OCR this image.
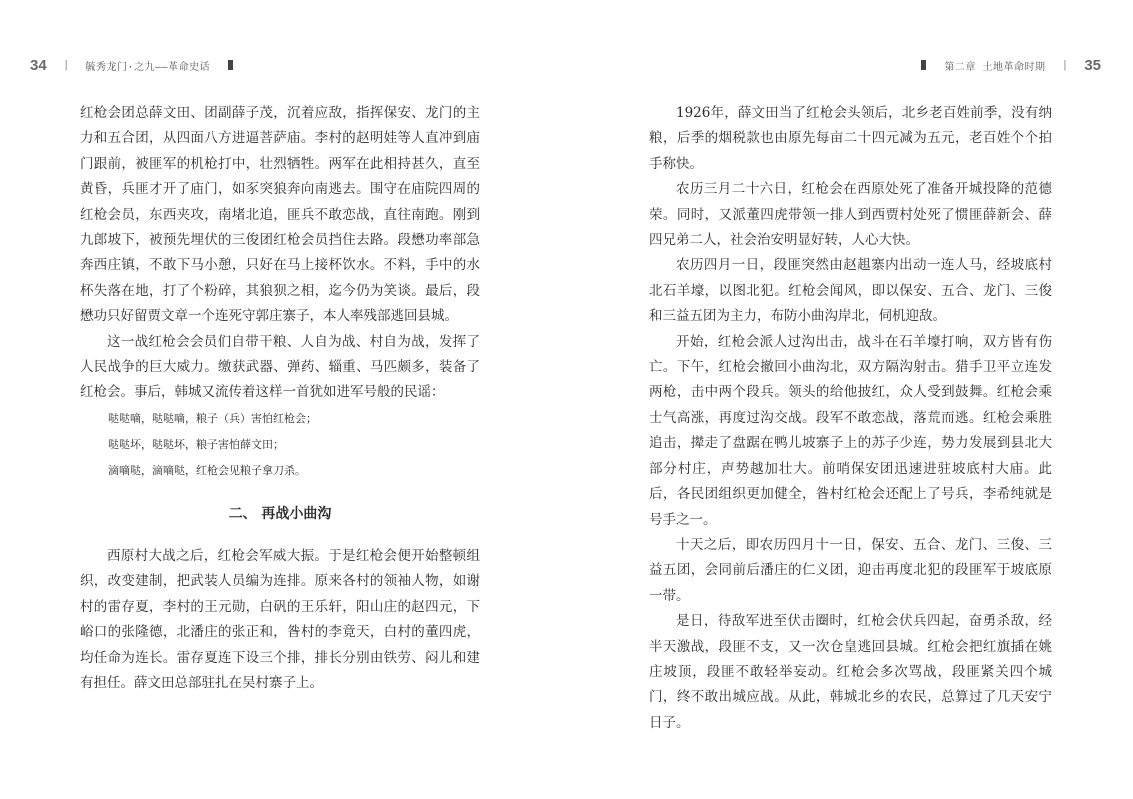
34 | 毓秀龙门·之九——革命史话

红枪会团总薛文田、团副薛子茂，沉着应敌，指挥保安、龙门的主力和五合团，从四面八方进逼菩萨庙。李村的赵明娃等人直冲到庙门跟前，被匪军的机枪打中，壮烈牺牲。两军在此相持甚久，直至黄昏，兵匪才开了庙门，如豕突狼奔向南逃去。围守在庙院四周的红枪会员，东西夹攻，南堵北追，匪兵不敢恋战，直往南跑。刚到九郎坡下，被预先埋伏的三俊团红枪会员挡住去路。段懋功率部急奔西庄镇，不敢下马小憩，只好在马上接杯饮水。不料，手中的水杯失落在地，打了个粉碎，其狼狈之相，迄今仍为笑谈。最后，段懋功只好留贾文章一个连死守郭庄寨子，本人率残部逃回县城。

这一战红枪会会员们自带干粮、人自为战、村自为战，发挥了人民战争的巨大威力。缴获武器、弹药、辎重、马匹颇多，装备了红枪会。事后，韩城又流传着这样一首犹如进军号般的民谣：

哒哒嘀，哒哒嘀，粮子（兵）害怕红枪会；

哒哒坏，哒哒坏，粮子害怕薛文田；

滴嘀哒，滴嘀哒，红枪会见粮子拿刀杀。

二、 再战小曲沟

西原村大战之后，红枪会军威大振。于是红枪会便开始整顿组织，改变建制，把武装人员编为连排。原来各村的领袖人物，如谢村的雷存夏，李村的王元勋，白矾的王乐轩，阳山庄的赵四元，下峪口的张隆德，北潘庄的张正和，昝村的李竟天，白村的董四虎，均任命为连长。雷存夏连下设三个排，排长分别由铁劳、闷儿和建有担任。薛文田总部驻扎在吴村寨子上。

第二章 土地革命时期 | 35

1926年，薛文田当了红枪会头领后，北乡老百姓前季，没有纳粮，后季的烟税款也由原先每亩二十四元减为五元，老百姓个个拍手称快。

农历三月二十六日，红枪会在西原处死了准备开城投降的范德荣。同时，又派董四虎带领一排人到西贾村处死了惯匪薛新会、薛四兄弟二人，社会治安明显好转，人心大快。

农历四月一日，段匪突然由赵趄寨内出动一连人马，经坡底村北石羊壕，以图北犯。红枪会闻风，即以保安、五合、龙门、三俊和三益五团为主力，布防小曲沟岸北，伺机迎敌。

开始，红枪会派人过沟出击，战斗在石羊壕打响，双方皆有伤亡。下午，红枪会撤回小曲沟北，双方隔沟射击。猎手卫平立连发两枪，击中两个段兵。领头的给他披红，众人受到鼓舞。红枪会乘士气高涨，再度过沟交战。段军不敢恋战，落荒而逃。红枪会乘胜追击，撵走了盘踞在鸭儿坡寨子上的苏子少连，势力发展到县北大部分村庄，声势越加壮大。前哨保安团迅速进驻坡底村大庙。此后，各民团组织更加健全，昝村红枪会还配上了号兵，李希纯就是号手之一。

十天之后，即农历四月十一日，保安、五合、龙门、三俊、三益五团，会同前后潘庄的仁义团，迎击再度北犯的段匪军于坡底原一带。

是日，待敌军进至伏击圈时，红枪会伏兵四起，奋勇杀敌，经半天激战，段匪不支，又一次仓皇逃回县城。红枪会把红旗插在姚庄坡顶，段匪不敢轻举妄动。红枪会多次骂战，段匪紧关四个城门，终不敢出城应战。从此，韩城北乡的农民，总算过了几天安宁日子。
